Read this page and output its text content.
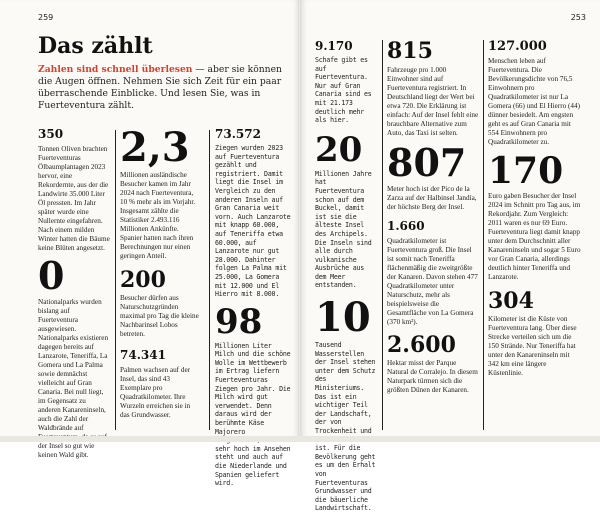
259
Das zählt
Zahlen sind schnell überlesen — aber sie können die Augen öffnen. Nehmen Sie sich Zeit für ein paar überraschende Einblicke. Und lesen Sie, was in Fuerteventura zählt.
350
Tonnen Oliven brachten Fuerteventuras Ölbaumplantagen 2023 hervor, eine Rekordernte, aus der die Landwirte 35.000 Liter Öl pressten. Im Jahr später wurde eine Nullernte eingefahren. Nach einem milden Winter hatten die Bäume keine Blüten angesetzt.
0
Nationalparks wurden bislang auf Fuerteventura ausgewiesen. Nationalparks existieren dagegen bereits auf Lanzarote, Teneriffa, La Gomera und La Palma sowie demnächst vielleicht auf Gran Canaria. Bei null liegt, im Gegensatz zu anderen Kanareninseln, auch die Zahl der Waldbrände auf der Insel so gut wie keinen Wald gibt.
2,3
Millionen ausländische Besucher kamen im Jahr 2024 nach Fuerteventura, 10 % mehr als im Vorjahr. Insgesamt zählte die Statistiker 2.493.116 Millionen Ankünfte. Spanier hatten nach ihren Berechnungen nur einen geringen Anteil.
200
Besucher dürfen aus Naturschutzgründen maximal pro Tag die kleine Nachbarinsel Lobos betreten.
74.341
Palmen wachsen auf der Insel, das sind 43 Exemplare pro Quadratkilometer. Ihre Wurzeln erreichen sie in das Grundwasser.
73.572
Ziegen wurden 2023 auf Fuerteventura gezählt und registriert. Damit liegt die Insel im Vergleich zu den anderen Inseln auf Gran Canaria weit vorn. Auch Lanzarote mit knapp 60.000, auf Teneriffa etwa 60.000, auf Lanzarote nur gut 28.000. Dahinter folgen La Palma mit 25.000, La Gomera mit 12.000 und El Hierro mit 8.000.
98
Millionen Liter Milch und die schöne Wolle im Wettbewerb im Ertrag liefern Fuerteventuras Ziegen pro Jahr. Die Milch wird gut verwendet. Denn daraus wird der berühmte Käse Majorero sehr hoch im Ansehen steht und auch auf die Niederlande und Spanien geliefert wird.
253
9.170
Schafe gibt es auf Fuerteventura. Nur auf Gran Canaria sind es mit 21.173 deutlich mehr als hier.
20
Millionen Jahre hat Fuerteventura schon auf dem Buckel, damit ist sie die älteste Insel des Archipels. Die Inseln sind alle durch vulkanische Ausbrüche aus dem Meer entstanden.
10
Tausend Wasserstellen der Insel stehen unter dem Schutz des Ministeriums. Das ist ein wichtiger Teil der Landschaft, der von Trockenheit und ist. Für die Bevölkerung geht es um den Erhalt von Fuerteventuras Grundwasser und die bäuerliche Landwirtschaft.
815
Fahrzeuge pro 1.000 Einwohner sind auf Fuerteventura registriert. In Deutschland liegt der Wert bei etwa 720. Die Erklärung ist einfach: Auf der Insel fehlt eine brauchbare Alternative zum Auto, das Taxi ist selten.
807
Meter hoch ist der Pico de la Zarza auf der Halbinsel Jandía, der höchste Berg der Insel.
1.660
Quadratkilometer ist Fuerteventura groß. Die Insel ist somit nach Teneriffa flächenmäßig die zweitgrößte der Kanaren. Davon stehen 477 Quadratkilometer unter Naturschutz, mehr als beispielsweise die Gesamtfläche von La Gomera (370 km²).
2.600
Hektar misst der Parque Natural de Corralejo. In diesem Naturpark türmen sich die größten Dünen der Kanaren.
127.000
Menschen leben auf Fuerteventura. Die Bevölkerungsdichte von 76,5 Einwohnern pro Quadratkilometer ist nur La Gomera (66) und El Hierro (44) dünner besiedelt. Am engsten geht es auf Gran Canaria mit 554 Einwohnern pro Quadratkilometer zu.
170
Euro gaben Besucher der Insel 2024 im Schnitt pro Tag aus, im Rekordjahr. Zum Vergleich: 2011 waren es nur 69 Euro. Fuerteventura liegt damit knapp unter dem Durchschnitt aller Kanareninseln und sogar 5 Euro vor Gran Canaria, allerdings deutlich hinter Teneriffa und Lanzarote.
304
Kilometer ist die Küste von Fuerteventura lang. Über diese Strecke verteilen sich um die 150 Strände. Nur Teneriffa hat unter den Kanareninseln mit 342 km eine längere Küstenlinie.
